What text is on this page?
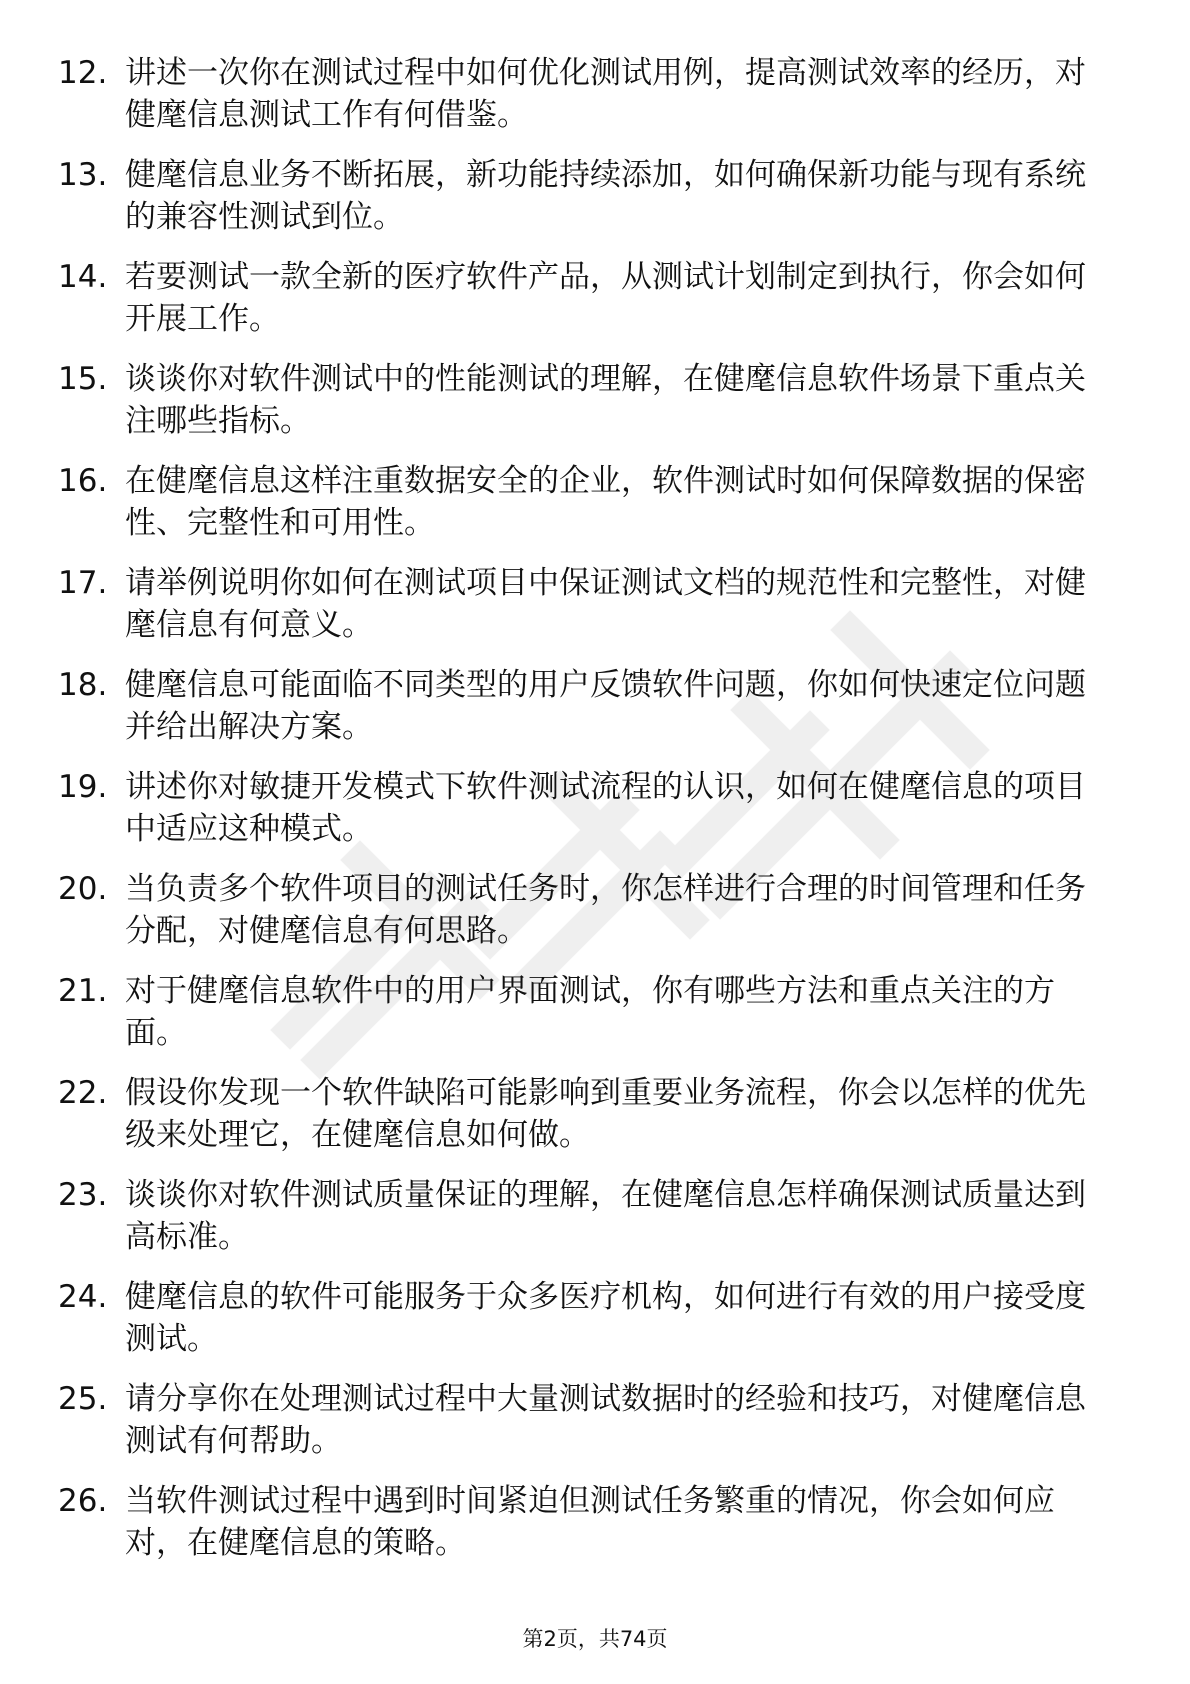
12. 讲述一次你在测试过程中如何优化测试用例，提高测试效率的经历，对健麾信息测试工作有何借鉴。
13. 健麾信息业务不断拓展，新功能持续添加，如何确保新功能与现有系统的兼容性测试到位。
14. 若要测试一款全新的医疗软件产品，从测试计划制定到执行，你会如何开展工作。
15. 谈谈你对软件测试中的性能测试的理解，在健麾信息软件场景下重点关注哪些指标。
16. 在健麾信息这样注重数据安全的企业，软件测试时如何保障数据的保密性、完整性和可用性。
17. 请举例说明你如何在测试项目中保证测试文档的规范性和完整性，对健麾信息有何意义。
18. 健麾信息可能面临不同类型的用户反馈软件问题，你如何快速定位问题并给出解决方案。
19. 讲述你对敏捷开发模式下软件测试流程的认识，如何在健麾信息的项目中适应这种模式。
20. 当负责多个软件项目的测试任务时，你怎样进行合理的时间管理和任务分配，对健麾信息有何思路。
21. 对于健麾信息软件中的用户界面测试，你有哪些方法和重点关注的方面。
22. 假设你发现一个软件缺陷可能影响到重要业务流程，你会以怎样的优先级来处理它，在健麾信息如何做。
23. 谈谈你对软件测试质量保证的理解，在健麾信息怎样确保测试质量达到高标准。
24. 健麾信息的软件可能服务于众多医疗机构，如何进行有效的用户接受度测试。
25. 请分享你在处理测试过程中大量测试数据时的经验和技巧，对健麾信息测试有何帮助。
26. 当软件测试过程中遇到时间紧迫但测试任务繁重的情况，你会如何应对，在健麾信息的策略。
第2页，共74页
